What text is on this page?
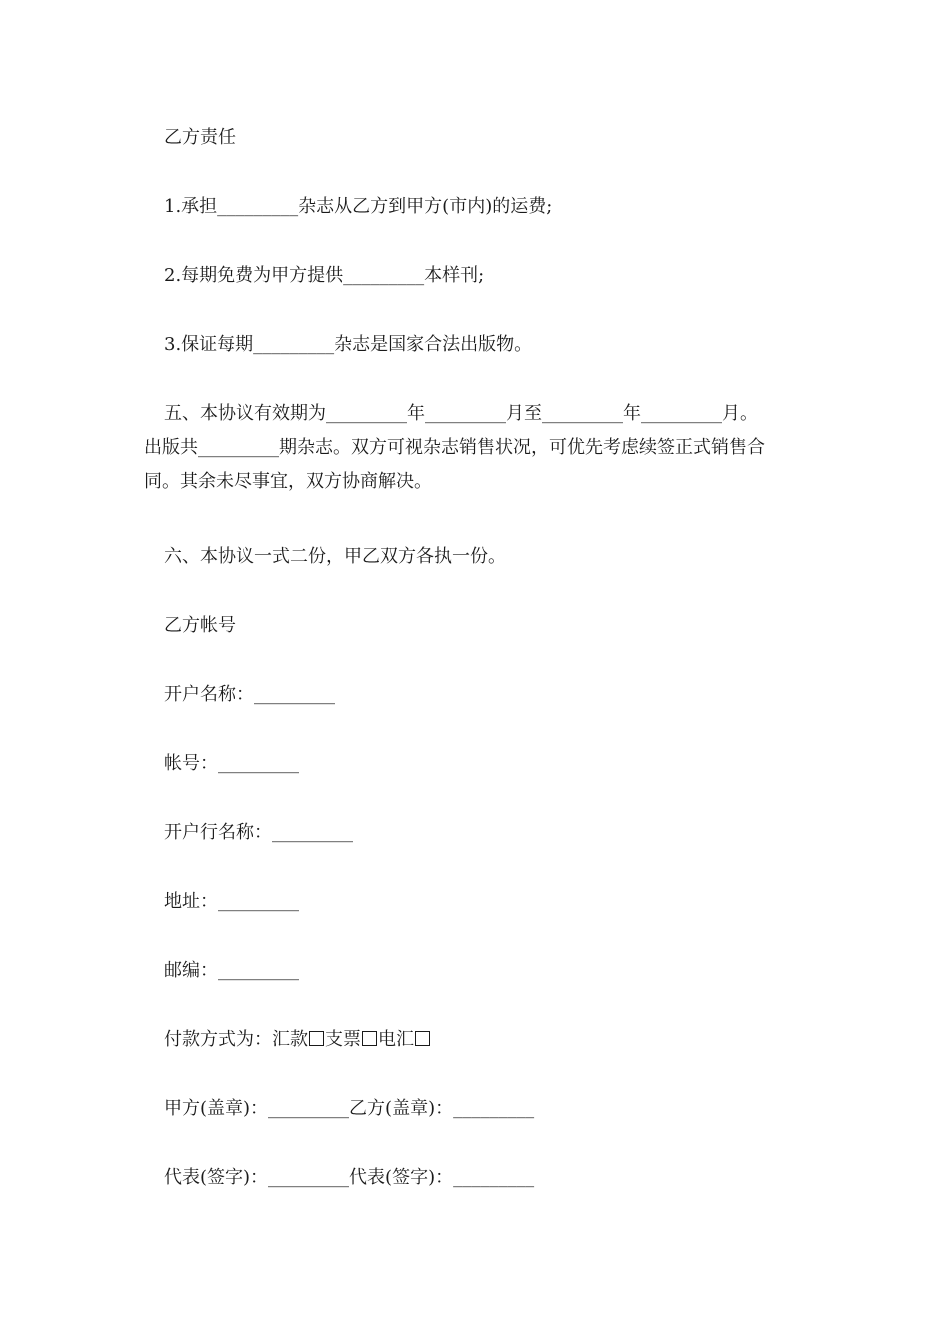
乙方责任
1.承担_________杂志从乙方到甲方(市内)的运费;
2.每期免费为甲方提供_________本样刊;
3.保证每期_________杂志是国家合法出版物。
五、本协议有效期为_________年_________月至_________年_________月。
出版共_________期杂志。双方可视杂志销售状况，可优先考虑续签正式销售合
同。其余未尽事宜，双方协商解决。
六、本协议一式二份，甲乙双方各执一份。
乙方帐号
开户名称：_________
帐号：_________
开户行名称：_________
地址：_________
邮编：_________
付款方式为：汇款 支票 电汇
甲方(盖章)：_________乙方(盖章)：_________
代表(签字)：_________代表(签字)：_________
